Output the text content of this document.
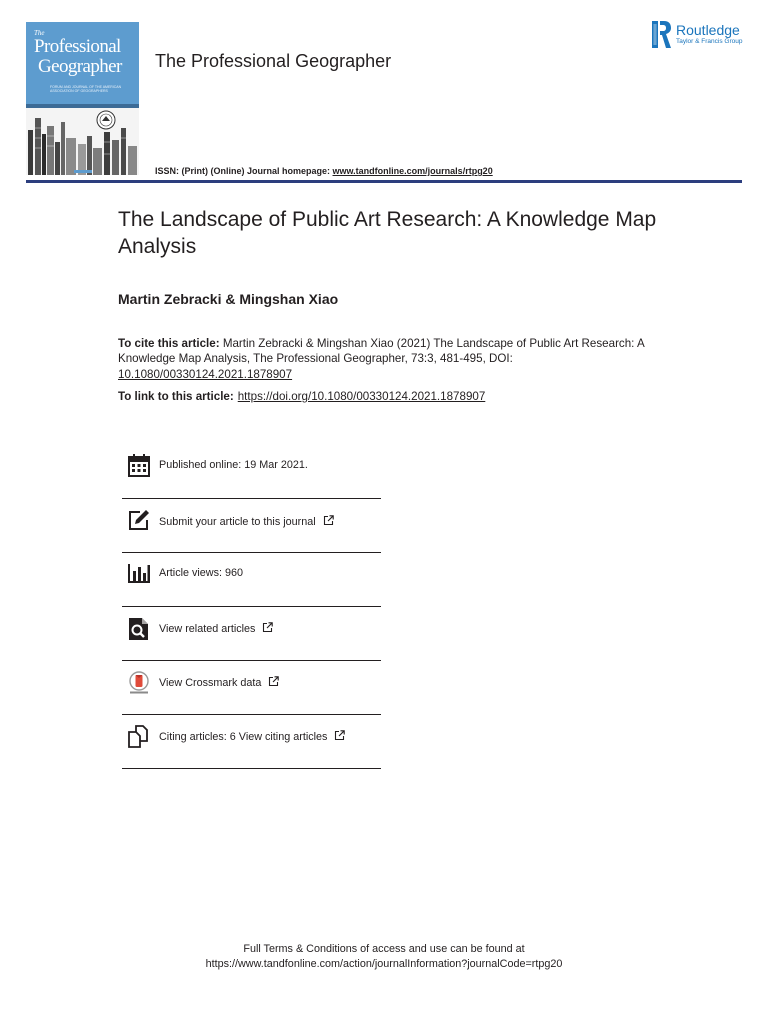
The
Professional
Geographer
FORUM AND JOURNAL OF THE AMERICAN ASSOCIATION OF GEOGRAPHERS
The Professional Geographer
Routledge
Taylor & Francis Group
ISSN: (Print) (Online) Journal homepage: www.tandfonline.com/journals/rtpg20
The Landscape of Public Art Research: A Knowledge Map Analysis
Martin Zebracki & Mingshan Xiao
To cite this article: Martin Zebracki & Mingshan Xiao (2021) The Landscape of Public Art Research: A Knowledge Map Analysis, The Professional Geographer, 73:3, 481-495, DOI: 10.1080/00330124.2021.1878907
To link to this article: https://doi.org/10.1080/00330124.2021.1878907
Published online: 19 Mar 2021.
Submit your article to this journal
Article views: 960
View related articles
View Crossmark data
Citing articles: 6 View citing articles
Full Terms & Conditions of access and use can be found at
https://www.tandfonline.com/action/journalInformation?journalCode=rtpg20
